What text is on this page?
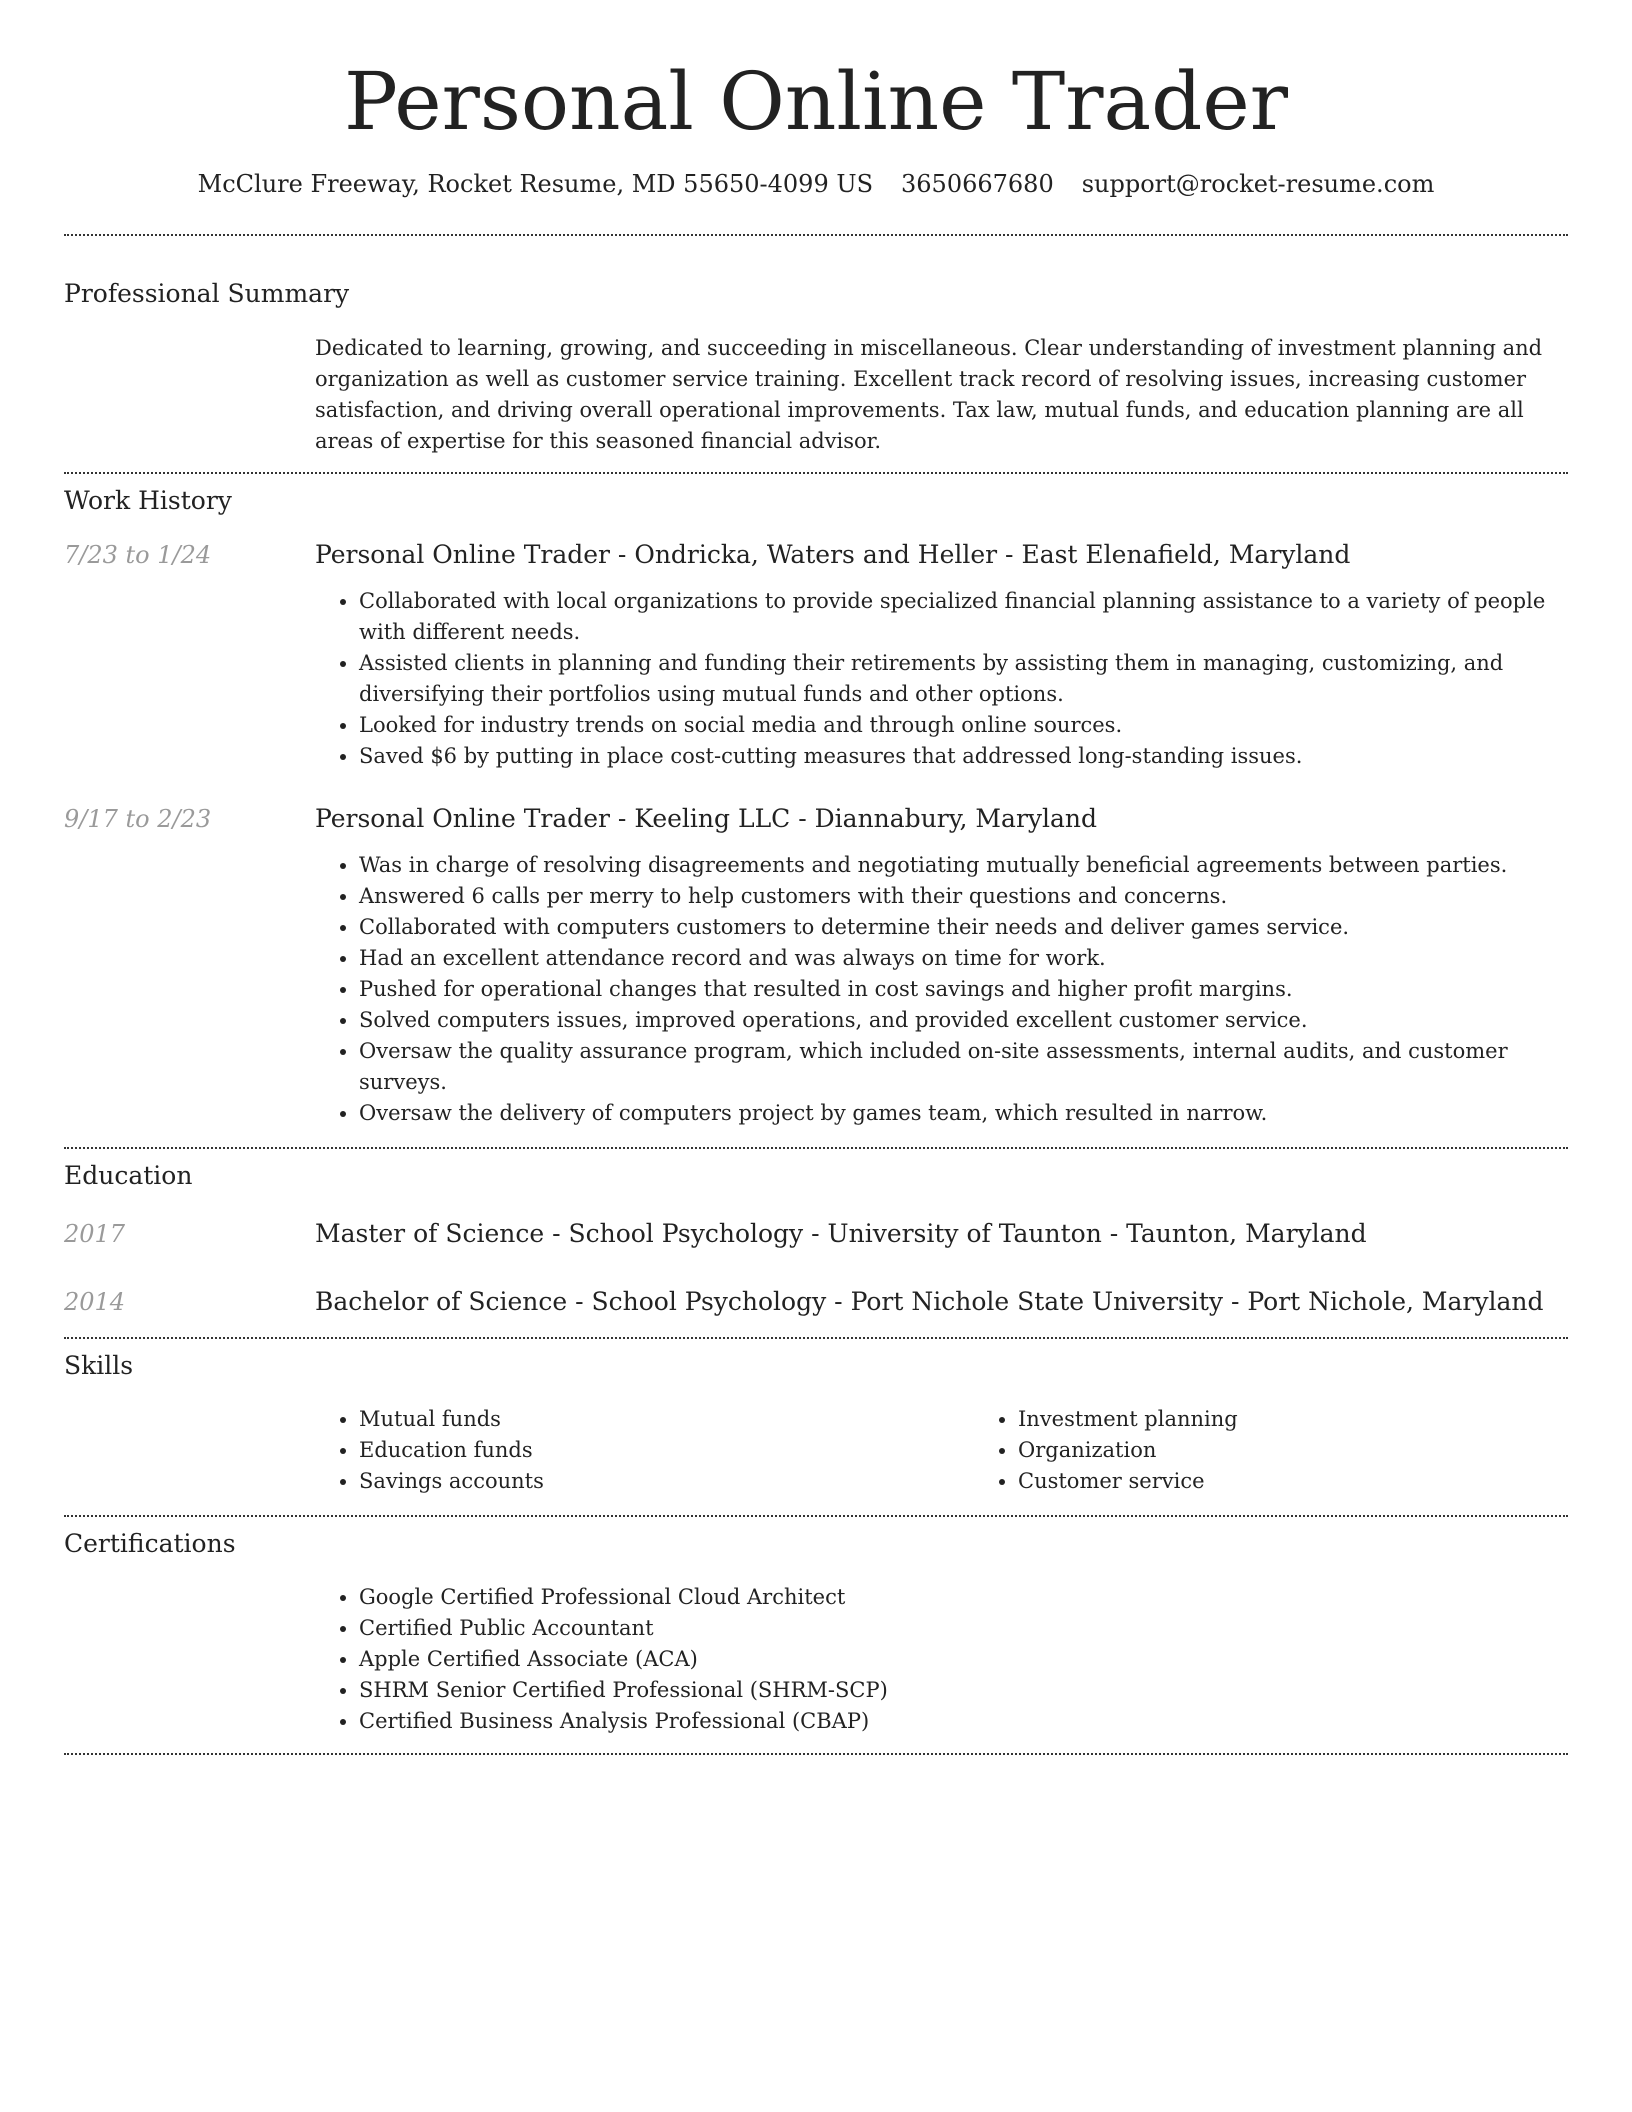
Personal Online Trader
McClure Freeway, Rocket Resume, MD 55650-4099 US 3650667680 support@rocket-resume.com
Professional Summary

Dedicated to learning, growing, and succeeding in miscellaneous. Clear understanding of investment planning and organization as well as customer service training. Excellent track record of resolving issues, increasing customer satisfaction, and driving overall operational improvements. Tax law, mutual funds, and education planning are all areas of expertise for this seasoned financial advisor.

Work History
7/23 to 1/24	Personal Online Trader - Ondricka, Waters and Heller - East Elenafield, Maryland
• Collaborated with local organizations to provide specialized financial planning assistance to a variety of people with different needs.
• Assisted clients in planning and funding their retirements by assisting them in managing, customizing, and diversifying their portfolios using mutual funds and other options.
• Looked for industry trends on social media and through online sources.
• Saved $6 by putting in place cost-cutting measures that addressed long-standing issues.
9/17 to 2/23	Personal Online Trader - Keeling LLC - Diannabury, Maryland
• Was in charge of resolving disagreements and negotiating mutually beneficial agreements between parties.
• Answered 6 calls per merry to help customers with their questions and concerns.
• Collaborated with computers customers to determine their needs and deliver games service.
• Had an excellent attendance record and was always on time for work.
• Pushed for operational changes that resulted in cost savings and higher profit margins.
• Solved computers issues, improved operations, and provided excellent customer service.
• Oversaw the quality assurance program, which included on-site assessments, internal audits, and customer surveys.
• Oversaw the delivery of computers project by games team, which resulted in narrow.
Education
2017	Master of Science - School Psychology - University of Taunton - Taunton, Maryland
2014	Bachelor of Science - School Psychology - Port Nichole State University - Port Nichole, Maryland
Skills
• Mutual funds
• Education funds
• Savings accounts
• Investment planning
• Organization
• Customer service
Certifications
• Google Certified Professional Cloud Architect
• Certified Public Accountant
• Apple Certified Associate (ACA)
• SHRM Senior Certified Professional (SHRM-SCP)
• Certified Business Analysis Professional (CBAP)
